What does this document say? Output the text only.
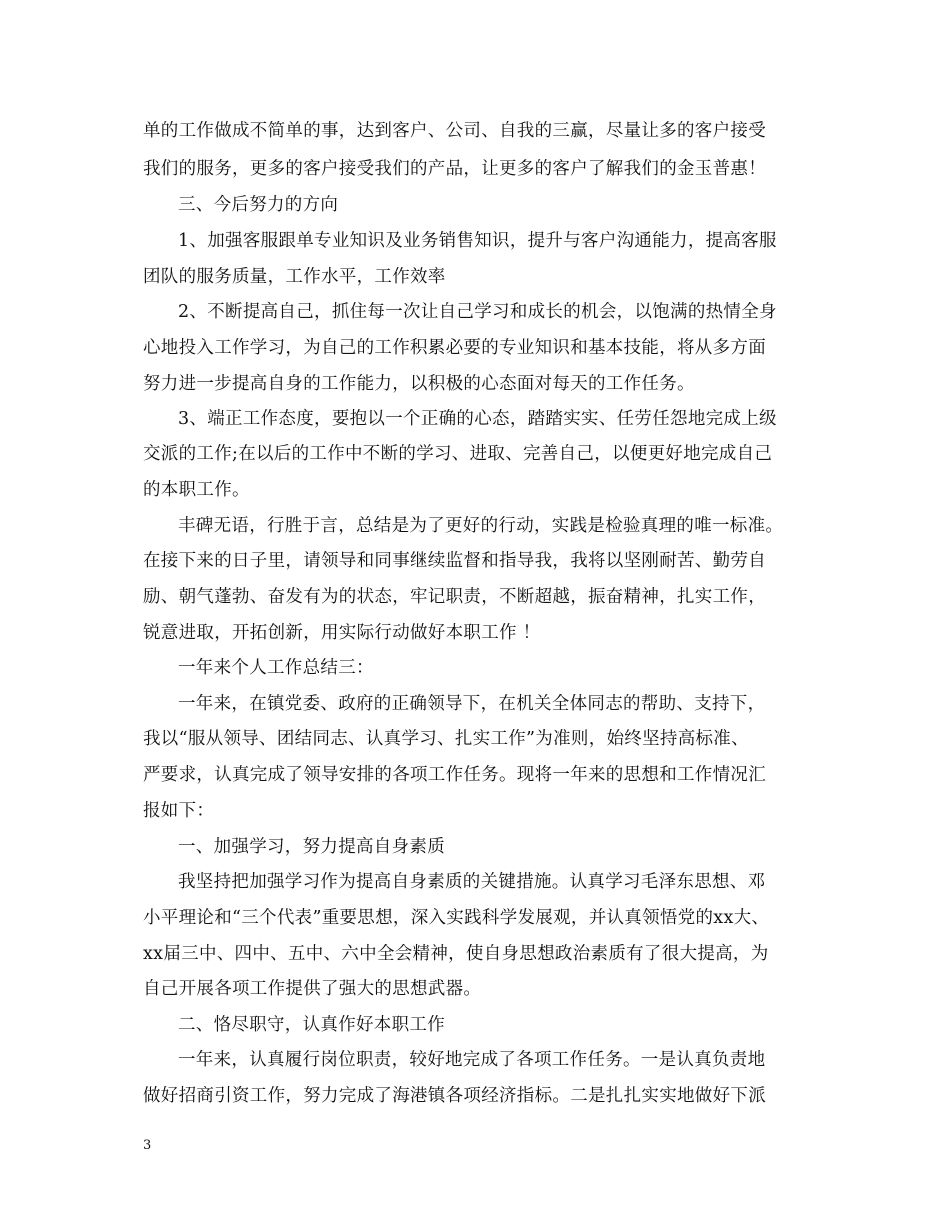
单的工作做成不简单的事，达到客户、公司、自我的三赢，尽量让多的客户接受
我们的服务，更多的客户接受我们的产品，让更多的客户了解我们的金玉普惠！
三、今后努力的方向
1、加强客服跟单专业知识及业务销售知识，提升与客户沟通能力，提高客服
团队的服务质量，工作水平，工作效率
2、不断提高自己，抓住每一次让自己学习和成长的机会，以饱满的热情全身
心地投入工作学习，为自己的工作积累必要的专业知识和基本技能，将从多方面
努力进一步提高自身的工作能力，以积极的心态面对每天的工作任务。
3、端正工作态度，要抱以一个正确的心态，踏踏实实、任劳任怨地完成上级
交派的工作;在以后的工作中不断的学习、进取、完善自己，以便更好地完成自己
的本职工作。
丰碑无语，行胜于言，总结是为了更好的行动，实践是检验真理的唯一标准。
在接下来的日子里，请领导和同事继续监督和指导我，我将以坚刚耐苦、勤劳自
励、朝气蓬勃、奋发有为的状态，牢记职责，不断超越，振奋精神，扎实工作，
锐意进取，开拓创新，用实际行动做好本职工作 ！
一年来个人工作总结三：
一年来，在镇党委、政府的正确领导下，在机关全体同志的帮助、支持下，
我以“服从领导、团结同志、认真学习、扎实工作”为准则，始终坚持高标准、
严要求，认真完成了领导安排的各项工作任务。现将一年来的思想和工作情况汇
报如下：
一、加强学习，努力提高自身素质
我坚持把加强学习作为提高自身素质的关键措施。认真学习毛泽东思想、邓
小平理论和“三个代表”重要思想，深入实践科学发展观，并认真领悟党的xx大、
xx届三中、四中、五中、六中全会精神，使自身思想政治素质有了很大提高，为
自己开展各项工作提供了强大的思想武器。
二、恪尽职守，认真作好本职工作
一年来，认真履行岗位职责，较好地完成了各项工作任务。一是认真负责地
做好招商引资工作，努力完成了海港镇各项经济指标。二是扎扎实实地做好下派
3
